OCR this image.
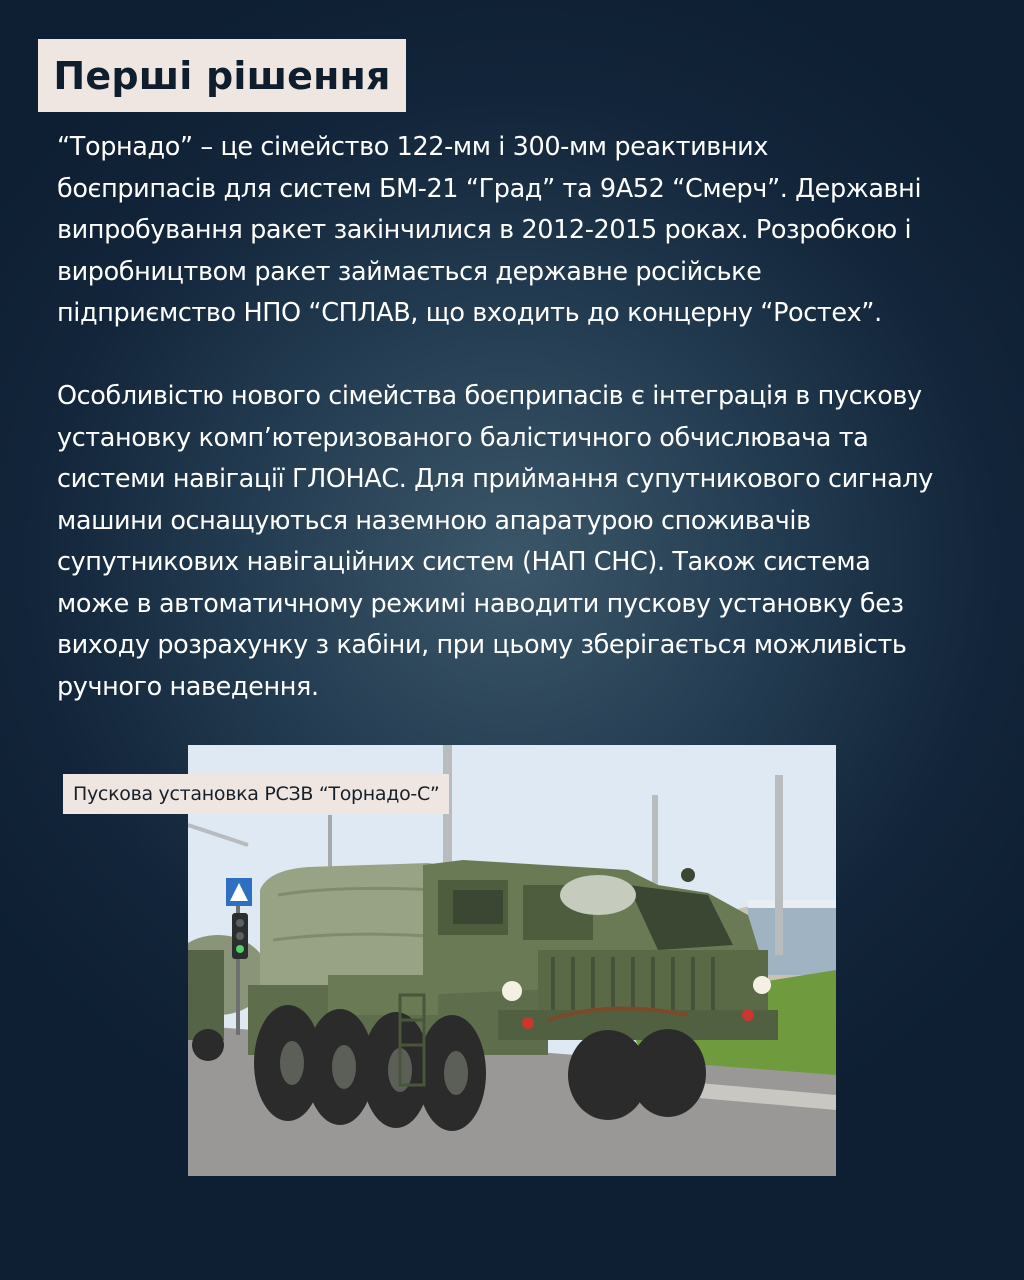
Перші рішення

“Торнадо” – це сімейство 122-мм і 300-мм реактивних
боєприпасів для систем БМ-21 “Град” та 9А52 “Смерч”. Державні
випробування ракет закінчилися в 2012-2015 роках. Розробкою і
виробництвом ракет займається державне російське
підприємство НПО “СПЛАВ, що входить до концерну “Ростех”.

Особливістю нового сімейства боєприпасів є інтеграція в пускову
установку комп’ютеризованого балістичного обчислювача та
системи навігації ГЛОНАС. Для приймання супутникового сигналу
машини оснащуються наземною апаратурою споживачів
супутникових навігаційних систем (НАП СНС). Також система
може в автоматичному режимі наводити пускову установку без
виходу розрахунку з кабіни, при цьому зберігається можливість
ручного наведення.

Пускова установка РСЗВ “Торнадо-С”
